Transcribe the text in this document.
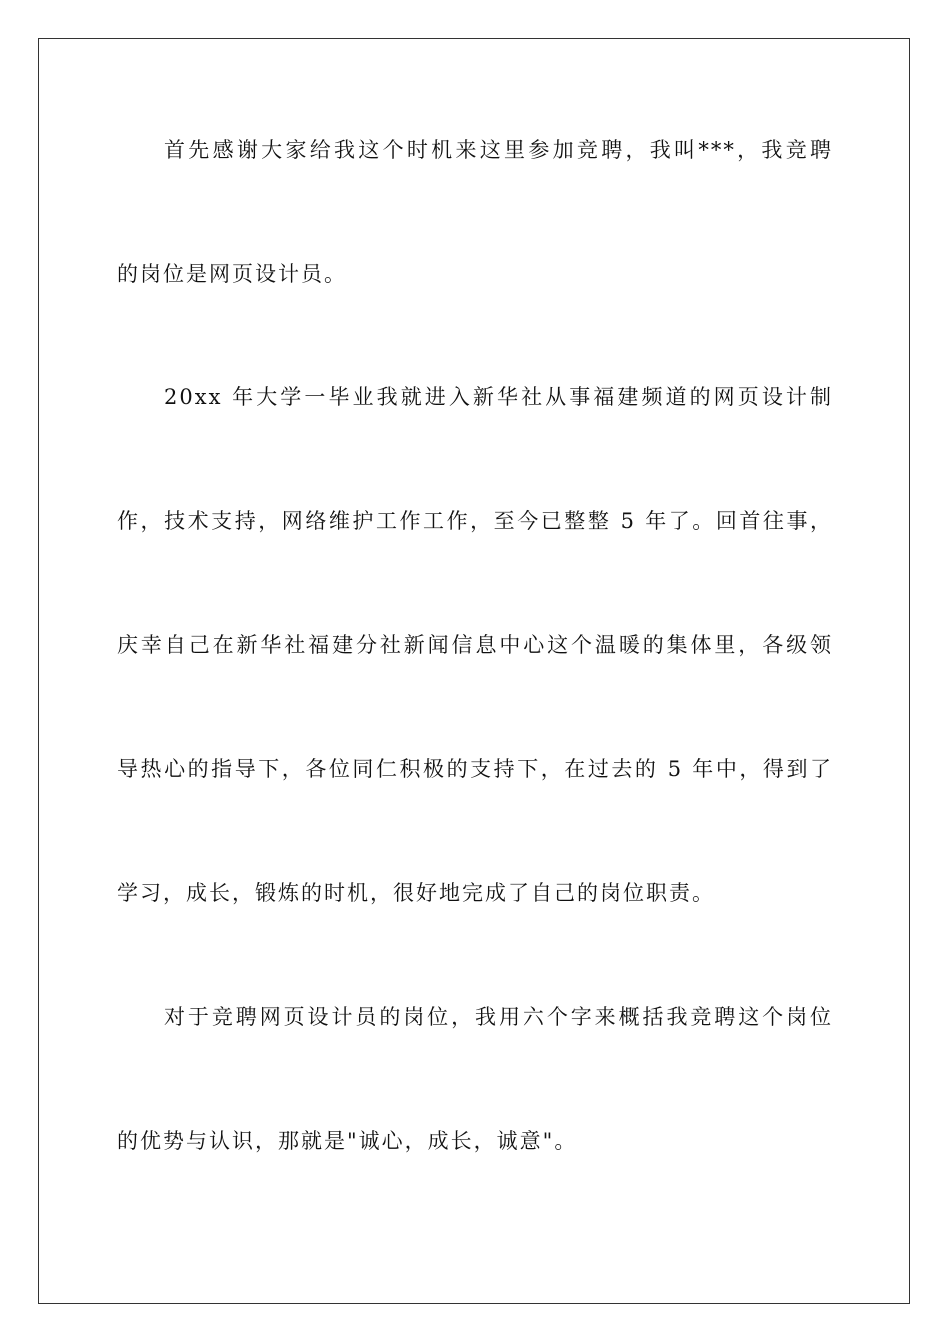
首先感谢大家给我这个时机来这里参加竞聘，我叫***，我竞聘
的岗位是网页设计员。
20xx 年大学一毕业我就进入新华社从事福建频道的网页设计制
作，技术支持，网络维护工作工作，至今已整整 5 年了。回首往事，
庆幸自己在新华社福建分社新闻信息中心这个温暖的集体里，各级领
导热心的指导下，各位同仁积极的支持下，在过去的 5 年中，得到了
学习，成长，锻炼的时机，很好地完成了自己的岗位职责。
对于竞聘网页设计员的岗位，我用六个字来概括我竞聘这个岗位
的优势与认识，那就是"诚心，成长，诚意"。
